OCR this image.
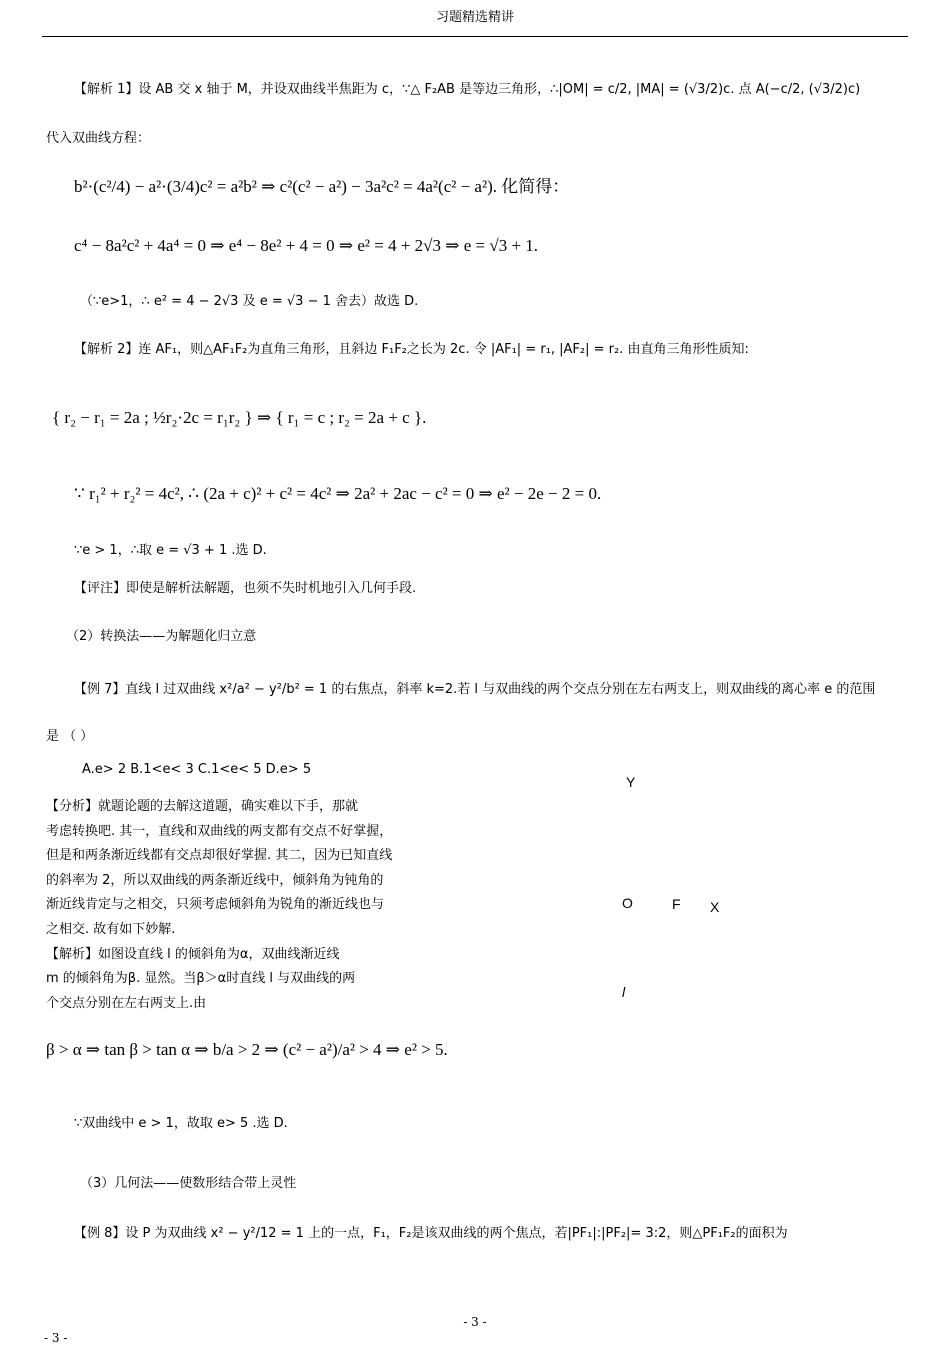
习题精选精讲
【解析 1】设 AB 交 x 轴于 M，并设双曲线半焦距为 c，∵△ F₂AB 是等边三角形，∴|OM| = c/2, |MA| = (√3/2)c. 点 A(−c/2, (√3/2)c)
代入双曲线方程：
b²·(c²/4) − a²·(3/4)c² = a²b² ⇒ c²(c² − a²) − 3a²c² = 4a²(c² − a²). 化简得：
c⁴ − 8a²c² + 4a⁴ = 0 ⇒ e⁴ − 8e² + 4 = 0 ⇒ e² = 4 + 2√3 ⇒ e = √3 + 1.
（∵e>1，∴ e² = 4 − 2√3 及 e = √3 − 1 舍去）故选 D.
【解析 2】连 AF₁，则△AF₁F₂为直角三角形，且斜边 F₁F₂之长为 2c. 令 |AF₁| = r₁, |AF₂| = r₂. 由直角三角形性质知:
{ r₂ − r₁ = 2a ; ½r₂·2c = r₁r₂ } ⇒ { r₁ = c ; r₂ = 2a + c }.
∵ r₁² + r₂² = 4c², ∴ (2a + c)² + c² = 4c² ⇒ 2a² + 2ac − c² = 0 ⇒ e² − 2e − 2 = 0.
∵e > 1，∴取 e = √3 + 1 .选 D.
【评注】即使是解析法解题，也须不失时机地引入几何手段.
（2）转换法——为解题化归立意
【例 7】直线 l 过双曲线 x²/a² − y²/b² = 1 的右焦点，斜率 k=2.若 l 与双曲线的两个交点分别在左右两支上，则双曲线的离心率 e 的范围
是 （ ）
A.e> 2 B.1<e< 3 C.1<e< 5 D.e> 5
【分析】就题论题的去解这道题，确实难以下手，那就
考虑转换吧. 其一，直线和双曲线的两支都有交点不好掌握，
但是和两条渐近线都有交点却很好掌握. 其二，因为已知直线
的斜率为 2，所以双曲线的两条渐近线中，倾斜角为钝角的
渐近线肯定与之相交，只须考虑倾斜角为锐角的渐近线也与
之相交. 故有如下妙解.
【解析】如图设直线 l 的倾斜角为α，双曲线渐近线
m 的倾斜角为β. 显然。当β＞α时直线 l 与双曲线的两
个交点分别在左右两支上.由
Y
O	F X
l
β > α ⇒ tan β > tan α ⇒ b/a > 2 ⇒ (c² − a²)/a² > 4 ⇒ e² > 5.
∵双曲线中 e > 1，故取 e> 5 .选 D.
（3）几何法——使数形结合带上灵性
【例 8】设 P 为双曲线 x² − y²/12 = 1 上的一点，F₁，F₂是该双曲线的两个焦点，若|PF₁|:|PF₂|= 3:2，则△PF₁F₂的面积为
- 3 -
- 3 -
